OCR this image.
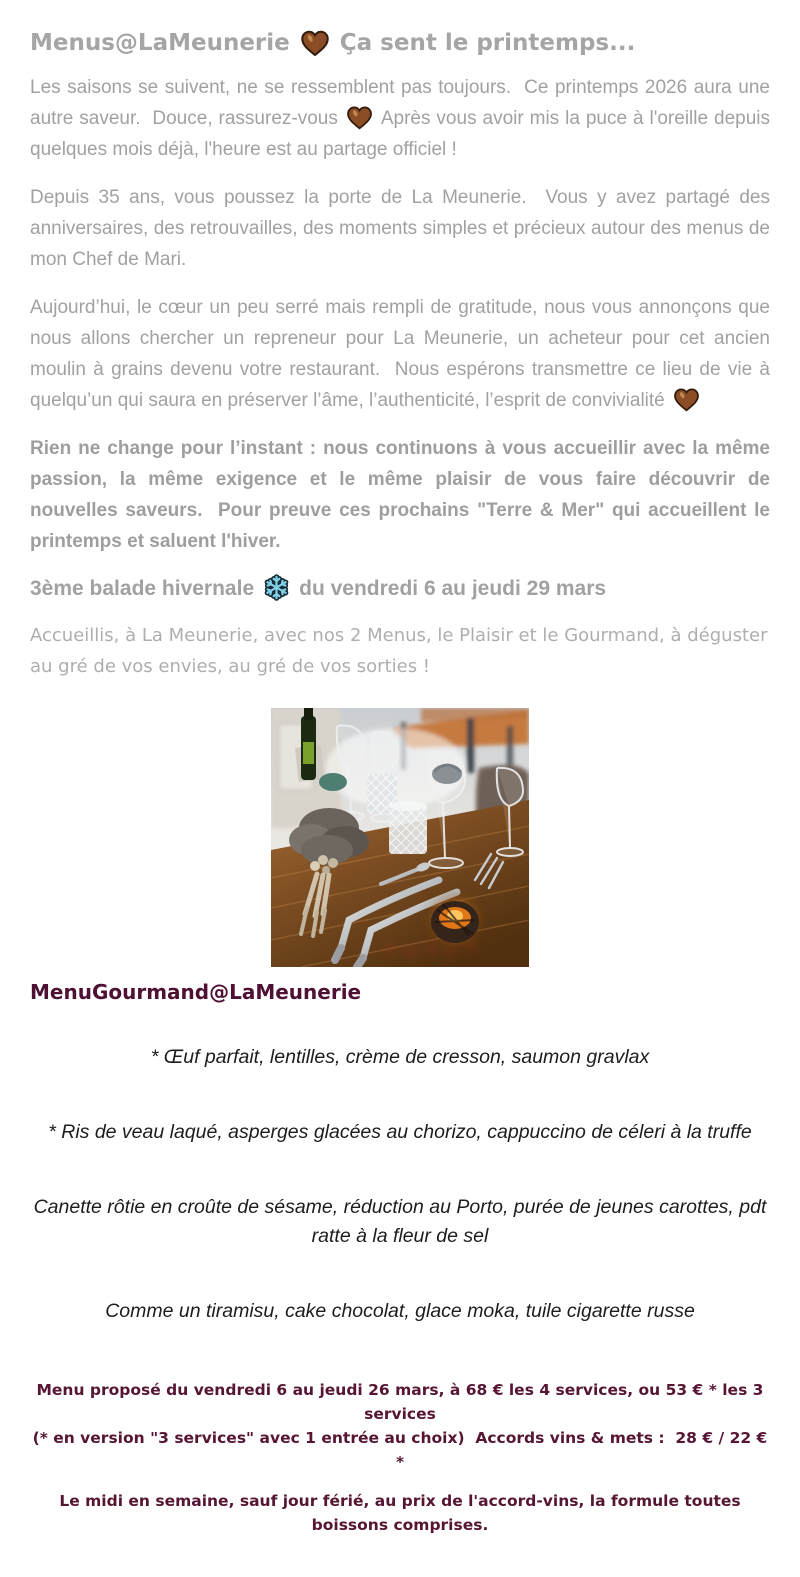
Menus@LaMeunerie Ça sent le printemps...

Les saisons se suivent, ne se ressemblent pas toujours.  Ce printemps 2026 aura une autre saveur.  Douce, rassurez-vous Après vous avoir mis la puce à l'oreille depuis quelques mois déjà, l'heure est au partage officiel !

Depuis 35 ans, vous poussez la porte de La Meunerie.  Vous y avez partagé des anniversaires, des retrouvailles, des moments simples et précieux autour des menus de mon Chef de Mari.

Aujourd’hui, le cœur un peu serré mais rempli de gratitude, nous vous annonçons que nous allons chercher un repreneur pour La Meunerie, un acheteur pour cet ancien moulin à grains devenu votre restaurant.  Nous espérons transmettre ce lieu de vie à quelqu’un qui saura en préserver l’âme, l’authenticité, l’esprit de convivialité

Rien ne change pour l’instant : nous continuons à vous accueillir avec la même passion, la même exigence et le même plaisir de vous faire découvrir de nouvelles saveurs.  Pour preuve ces prochains "Terre & Mer" qui accueillent le printemps et saluent l'hiver.

3ème balade hivernale du vendredi 6 au jeudi 29 mars

Accueillis, à La Meunerie, avec nos 2 Menus, le Plaisir et le Gourmand, à déguster au gré de vos envies, au gré de vos sorties !

MenuGourmand@LaMeunerie

* Œuf parfait, lentilles, crème de cresson, saumon gravlax

* Ris de veau laqué, asperges glacées au chorizo, cappuccino de céleri à la truffe

Canette rôtie en croûte de sésame, réduction au Porto, purée de jeunes carottes, pdt ratte à la fleur de sel

Comme un tiramisu, cake chocolat, glace moka, tuile cigarette russe

Menu proposé du vendredi 6 au jeudi 26 mars, à 68 € les 4 services, ou 53 € * les 3 services
(* en version "3 services" avec 1 entrée au choix)  Accords vins & mets :  28 € / 22 €
*
Le midi en semaine, sauf jour férié, au prix de l'accord-vins, la formule toutes boissons comprises.
